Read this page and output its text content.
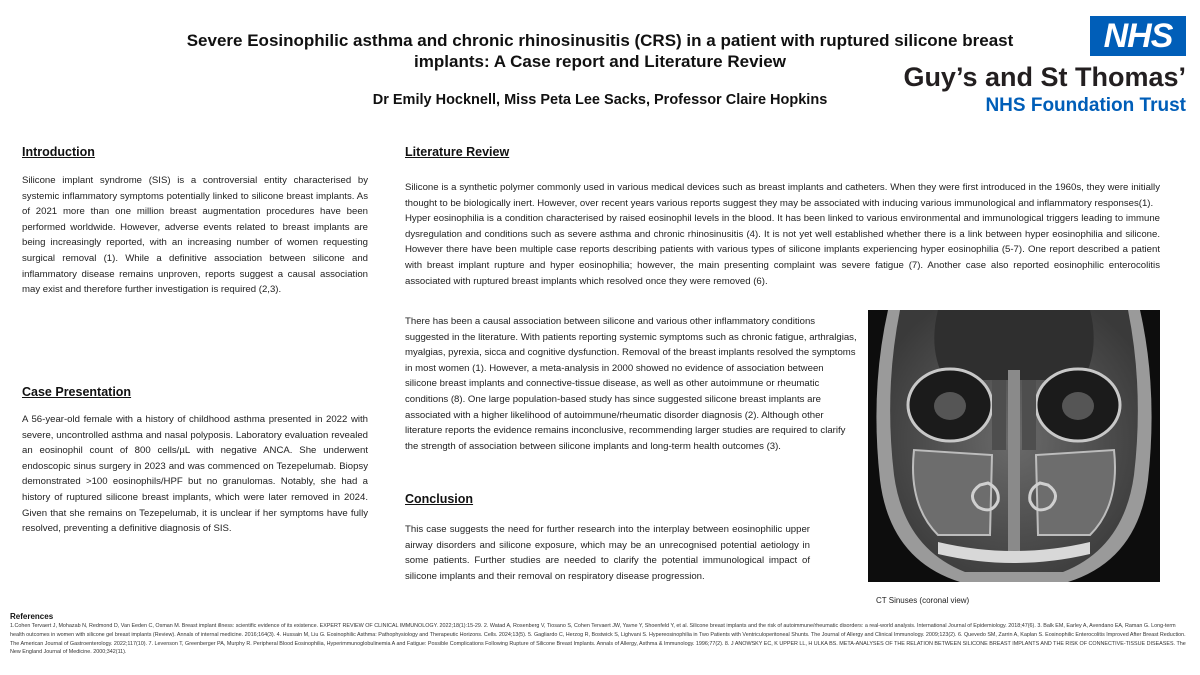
Severe Eosinophilic asthma and chronic rhinosinusitis (CRS) in a patient with ruptured silicone breast implants: A Case report and Literature Review
Dr Emily Hocknell, Miss Peta Lee Sacks, Professor Claire Hopkins
NHS
Guy’s and St Thomas’
NHS Foundation Trust
Introduction
Silicone implant syndrome (SIS) is a controversial entity characterised by systemic inflammatory symptoms potentially linked to silicone breast implants. As of 2021 more than one million breast augmentation procedures have been performed worldwide. However, adverse events related to breast implants are being increasingly reported, with an increasing number of women requesting surgical removal (1). While a definitive association between silicone and inflammatory disease remains unproven, reports suggest a causal association may exist and therefore further investigation is required (2,3).
Case Presentation
A 56-year-old female with a history of childhood asthma presented in 2022 with severe, uncontrolled asthma and nasal polyposis. Laboratory evaluation revealed an eosinophil count of 800 cells/µL with negative ANCA. She underwent endoscopic sinus surgery in 2023 and was commenced on Tezepelumab. Biopsy demonstrated >100 eosinophils/HPF but no granulomas. Notably, she had a history of ruptured silicone breast implants, which were later removed in 2024. Given that she remains on Tezepelumab, it is unclear if her symptoms have fully resolved, preventing a definitive diagnosis of SIS.
Literature Review

Silicone is a synthetic polymer commonly used in various medical devices such as breast implants and catheters. When they were first introduced in the 1960s, they were initially thought to be biologically inert. However, over recent years various reports suggest they may be associated with inducing various immunological and inflammatory responses(1).

Hyper eosinophilia is a condition characterised by raised eosinophil levels in the blood. It has been linked to various environmental and immunological triggers leading to immune dysregulation and conditions such as severe asthma and chronic rhinosinusitis (4). It is not yet well established whether there is a link between hyper eosinophilia and silicone. However there have been multiple case reports describing patients with various types of silicone implants experiencing hyper eosinophilia (5-7). One report described a patient with breast implant rupture and hyper eosinophilia; however, the main presenting complaint was severe fatigue (7). Another case also reported eosinophilic enterocolitis associated with ruptured breast implants which resolved once they were removed (6).

There has been a causal association between silicone and various other inflammatory conditions suggested in the literature. With patients reporting systemic symptoms such as chronic fatigue, arthralgias, myalgias, pyrexia, sicca and cognitive dysfunction. Removal of the breast implants resolved the symptoms in most women (1). However, a meta-analysis in 2000 showed no evidence of association between silicone breast implants and connective-tissue disease, as well as other autoimmune or rheumatic conditions (8). One large population-based study has since suggested silicone breast implants are associated with a higher likelihood of autoimmune/rheumatic disorder diagnosis (2). Although other literature reports the evidence remains inconclusive, recommending larger studies are required to clarify the strength of association between silicone implants and long-term health outcomes (3).
Conclusion
This case suggests the need for further research into the interplay between eosinophilic upper airway disorders and silicone exposure, which may be an unrecognised potential aetiology in some patients. Further studies are needed to clarify the potential immunological impact of silicone implants and their removal on respiratory disease progression.
CT Sinuses (coronal view)
References
1.Cohen Tervaert J, Mohazab N, Redmond D, Van Eeden C, Osman M. Breast implant illness: scientific evidence of its existence. EXPERT REVIEW OF CLINICAL IMMUNOLOGY. 2022;18(1):15-29. 2. Watad A, Rosenberg V, Tiosano S, Cohen Tervaert JW, Yavne Y, Shoenfeld Y, et al. Silicone breast implants and the risk of autoimmune/rheumatic disorders: a real-world analysis. International Journal of Epidemiology. 2018;47(6). 3. Balk EM, Earley A, Avendano EA, Raman G. Long-term health outcomes in women with silicone gel breast implants (Review). Annals of internal medicine. 2016;164(3). 4. Hussain M, Liu G. Eosinophilic Asthma: Pathophysiology and Therapeutic Horizons. Cells. 2024;13(5). 5. Gagliardo C, Herzog R, Bostwick S, Lighvani S. Hypereosinophilia in Two Patients with Ventriculoperitoneal Shunts. The Journal of Allergy and Clinical Immunology. 2009;123(2). 6. Quevedo SM, Zarrin A, Kaplan S. Eosinophilic Enterocolitis Improved After Breast Reduction. The American Journal of Gastroenterology. 2022;117(10). 7. Levenson T, Greenberger PA, Murphy R. Peripheral Blood Eosinophilia, Hyperimmunoglobulinemia A and Fatigue: Possible Complications Following Rupture of Silicone Breast Implants. Annals of Allergy, Asthma & Immunology. 1996;77(2). 8. J ANOWSKY EC, K UPPER LL, H ULKA BS. META-ANALYSES OF THE RELATION BETWEEN SILICONE BREAST IMPLANTS AND THE RISK OF CONNECTIVE-TISSUE DISEASES. The New England Journal of Medicine. 2000;342(11).
